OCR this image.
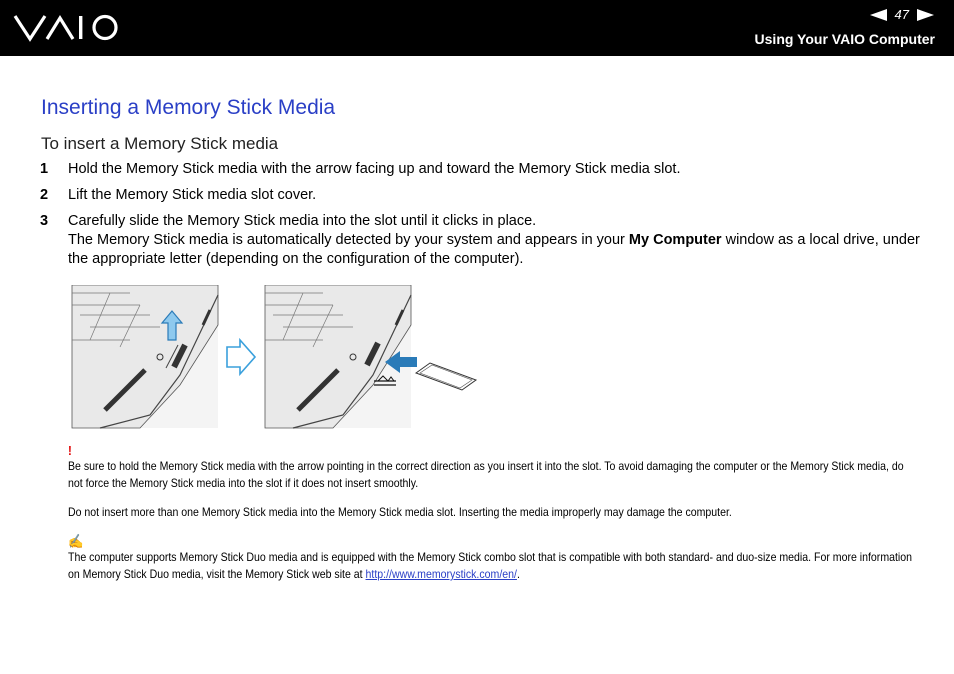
47
Using Your VAIO Computer
Inserting a Memory Stick Media
To insert a Memory Stick media
1	Hold the Memory Stick media with the arrow facing up and toward the Memory Stick media slot.
2	Lift the Memory Stick media slot cover.
3	Carefully slide the Memory Stick media into the slot until it clicks in place.
The Memory Stick media is automatically detected by your system and appears in your My Computer window as a local drive, under the appropriate letter (depending on the configuration of the computer).
!

Be sure to hold the Memory Stick media with the arrow pointing in the correct direction as you insert it into the slot. To avoid damaging the computer or the Memory Stick media, do not force the Memory Stick media into the slot if it does not insert smoothly.

Do not insert more than one Memory Stick media into the Memory Stick media slot. Inserting the media improperly may damage the computer.

✍

The computer supports Memory Stick Duo media and is equipped with the Memory Stick combo slot that is compatible with both standard- and duo-size media. For more information on Memory Stick Duo media, visit the Memory Stick web site at http://www.memorystick.com/en/.
